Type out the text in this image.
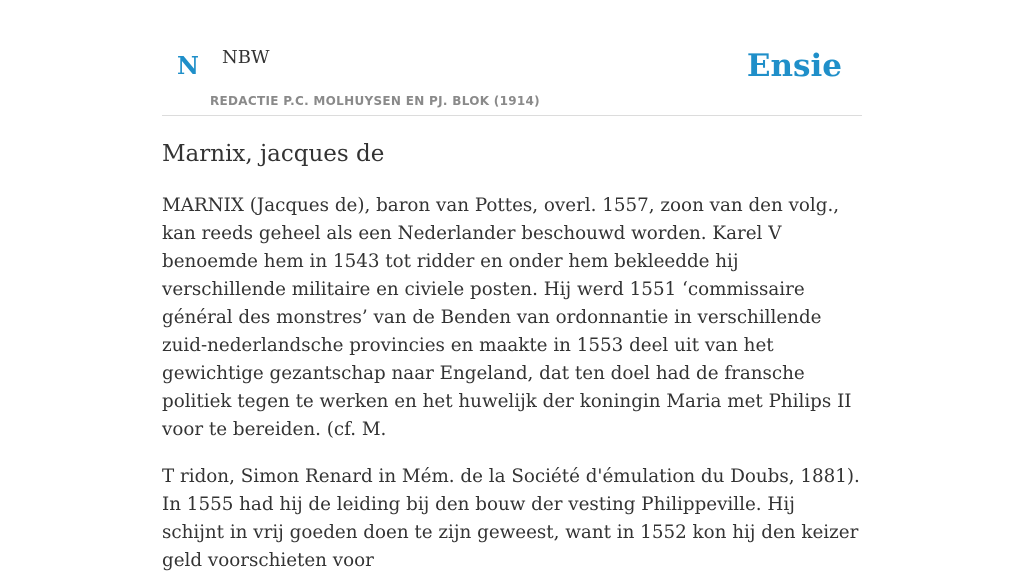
N NBW
REDACTIE P.C. MOLHUYSEN EN PJ. BLOK (1914)
Ensie
Marnix, jacques de

MARNIX (Jacques de), baron van Pottes, overl. 1557, zoon van den volg., kan reeds geheel als een Nederlander beschouwd worden. Karel V benoemde hem in 1543 tot ridder en onder hem bekleedde hij verschillende militaire en civiele posten. Hij werd 1551 ‘commissaire général des monstres’ van de Benden van ordonnantie in verschillende zuid-nederlandsche provincies en maakte in 1553 deel uit van het gewichtige gezantschap naar Engeland, dat ten doel had de fransche politiek tegen te werken en het huwelijk der koningin Maria met Philips II voor te bereiden. (cf. M.

T ridon, Simon Renard in Mém. de la Société d'émulation du Doubs, 1881). In 1555 had hij de leiding bij den bouw der vesting Philippeville. Hij schijnt in vrij goeden doen te zijn geweest, want in 1552 kon hij den keizer geld voorschieten voor
